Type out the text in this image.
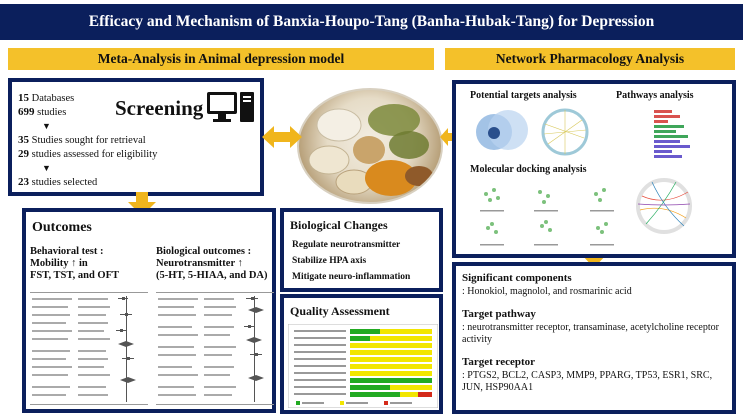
Efficacy and Mechanism of Banxia-Houpo-Tang (Banha-Hubak-Tang) for Depression
Meta-Analysis in Animal depression model	Network Pharmacology Analysis
15 Databases
699 studies Screening
▼
35 Studies sought for retrieval
29 studies assessed for eligibility
▼
23 studies selected
Outcomes
Behavioral test :
Mobility ↑ in
FST, TST, and OFT
Biological outcomes :
Neurotransmitter ↑
(5-HT, 5-HIAA, and DA)
Biological Changes
Regulate neurotransmitter
Stabilize HPA axis
Mitigate neuro-inflammation
Quality Assessment
Potential targets analysis	Pathways analysis
Molecular docking analysis
Significant components
: Honokiol, magnolol, and rosmarinic acid
Target pathway
: neurotransmitter receptor, transaminase, acetylcholine receptor activity
Target receptor
: PTGS2, BCL2, CASP3, MMP9, PPARG, TP53, ESR1, SRC, JUN, HSP90AA1
